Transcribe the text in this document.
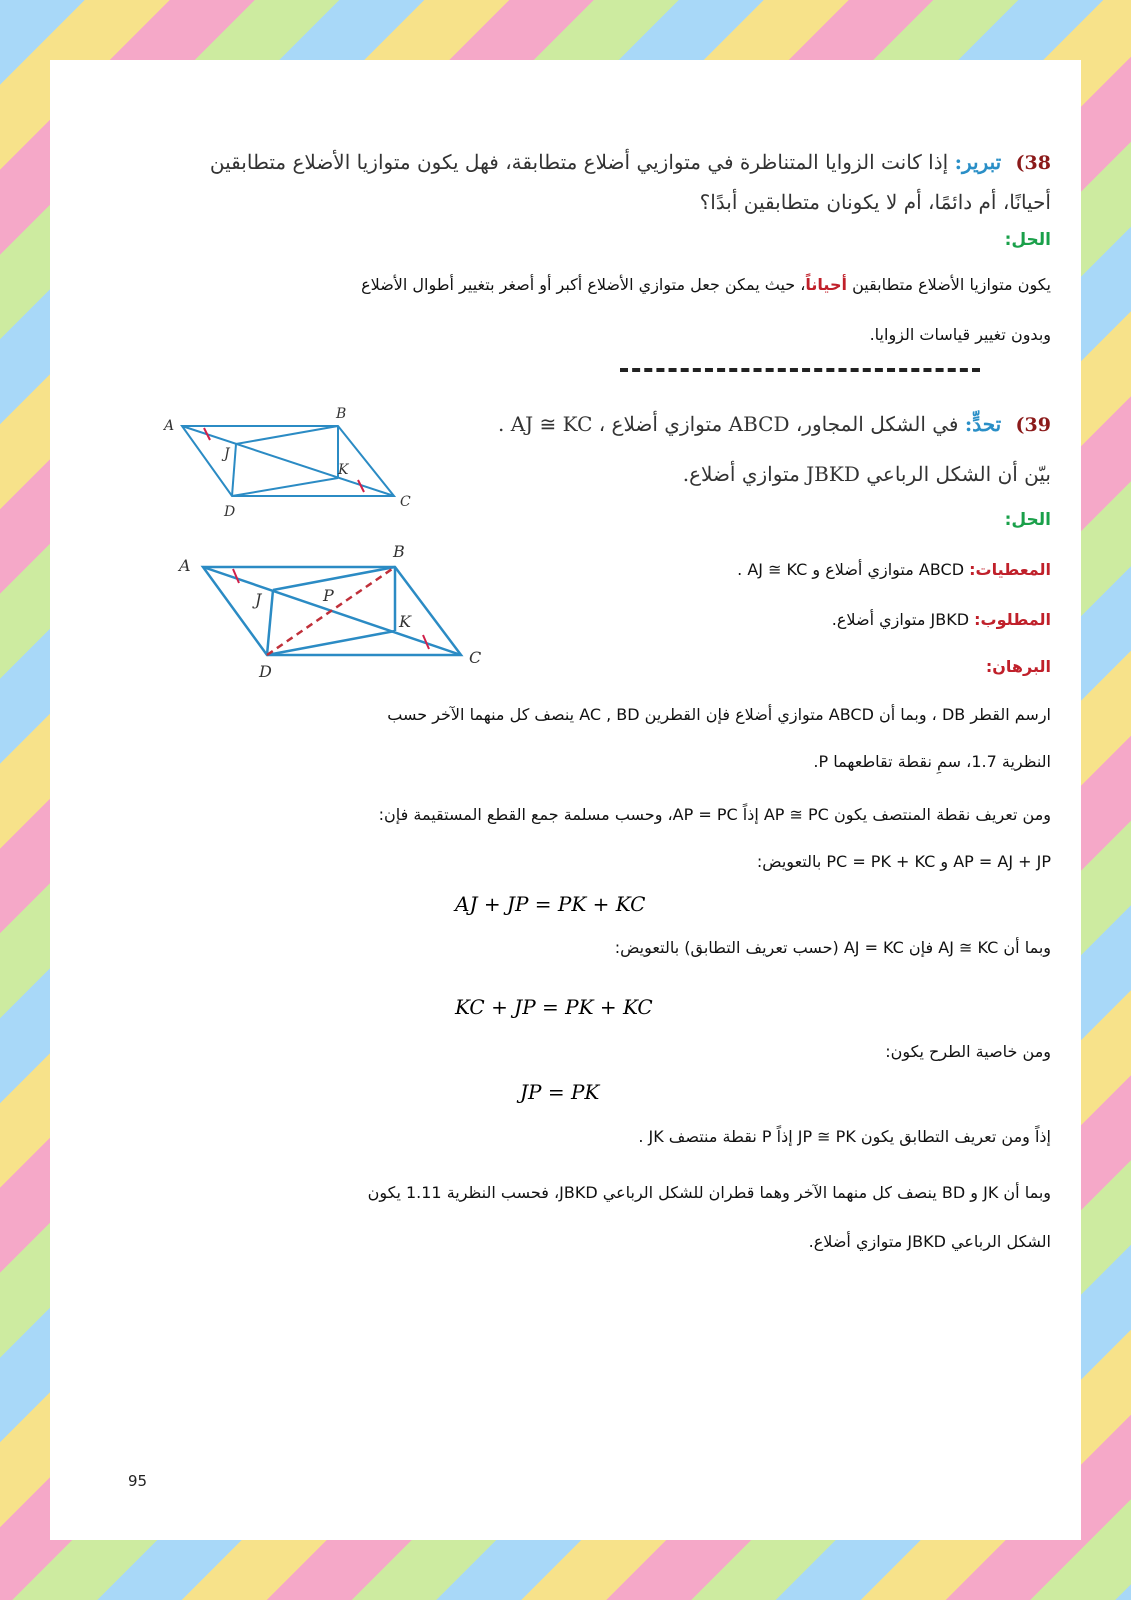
38) تبرير: إذا كانت الزوايا المتناظرة في متوازيي أضلاع متطابقة، فهل يكون متوازيا الأضلاع متطابقين
أحيانًا، أم دائمًا، أم لا يكونان متطابقين أبدًا؟
الحل:
يكون متوازيا الأضلاع متطابقين أحياناً، حيث يمكن جعل متوازي الأضلاع أكبر أو أصغر بتغيير أطوال الأضلاع
وبدون تغيير قياسات الزوايا.
39) تحدٍّ: في الشكل المجاور، ABCD متوازي أضلاع ، AJ ≅ KC .
بيّن أن الشكل الرباعي JBKD متوازي أضلاع.
A
B
C
D
J
K
الحل:
A
B
C
D
J
K
P
المعطيات: ABCD متوازي أضلاع و AJ ≅ KC .
المطلوب: JBKD متوازي أضلاع.
البرهان:
ارسم القطر DB ، وبما أن ABCD متوازي أضلاع فإن القطرين AC , BD ينصف كل منهما الآخر حسب
النظرية 1.7، سمِ نقطة تقاطعهما P.
ومن تعريف نقطة المنتصف يكون AP ≅ PC إذاً AP = PC، وحسب مسلمة جمع القطع المستقيمة فإن:
AP = AJ + JP و PC = PK + KC بالتعويض:
AJ + JP = PK + KC
وبما أن AJ ≅ KC فإن AJ = KC (حسب تعريف التطابق) بالتعويض:
KC + JP = PK + KC
ومن خاصية الطرح يكون:
JP = PK
إذاً ومن تعريف التطابق يكون JP ≅ PK إذاً P نقطة منتصف JK .
وبما أن JK و BD ينصف كل منهما الآخر وهما قطران للشكل الرباعي JBKD، فحسب النظرية 1.11 يكون
الشكل الرباعي JBKD متوازي أضلاع.
95
